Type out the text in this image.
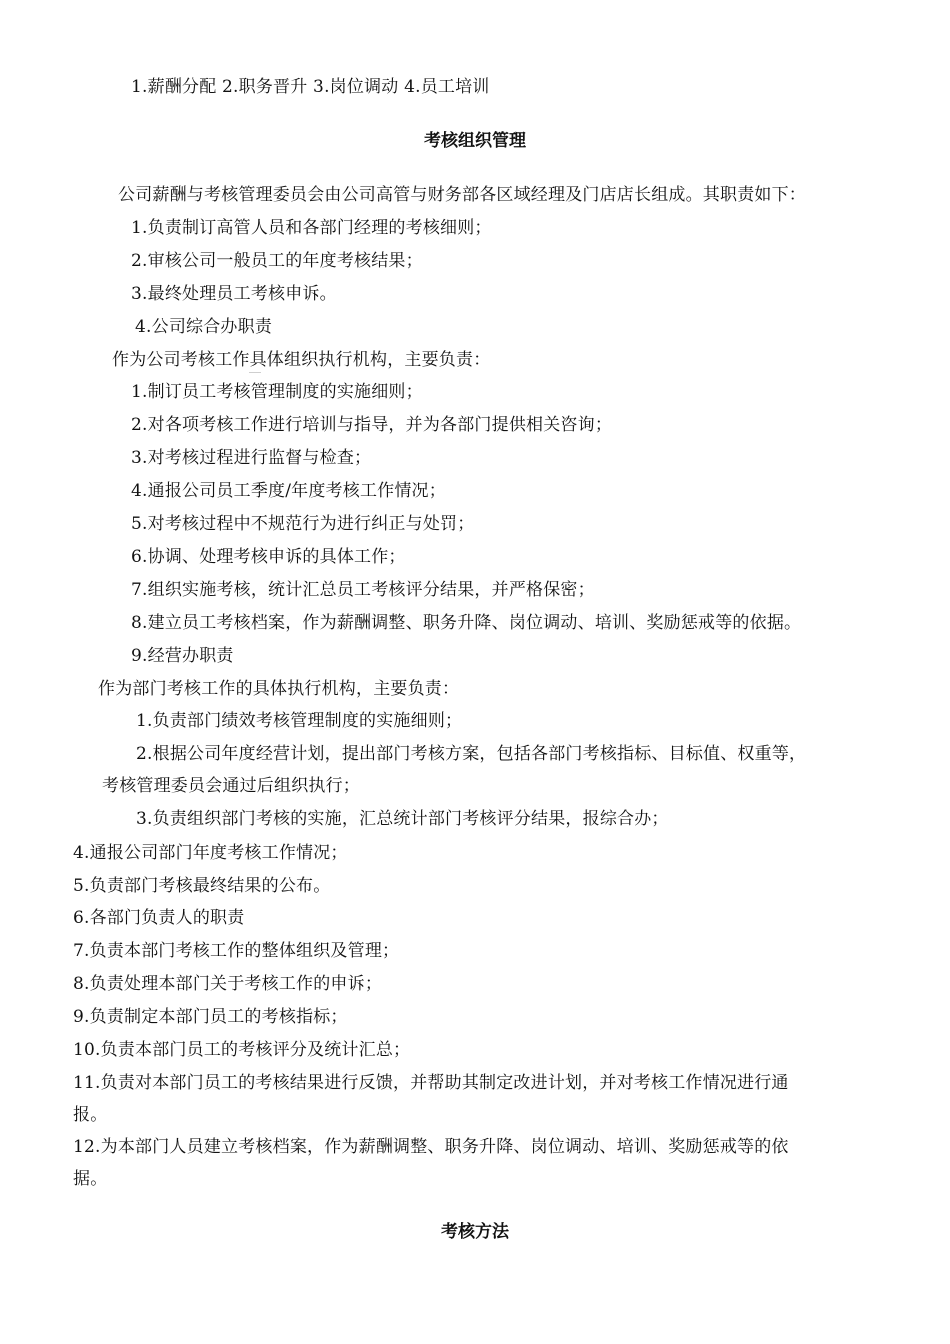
1.薪酬分配 2.职务晋升 3.岗位调动 4.员工培训
考核组织管理
公司薪酬与考核管理委员会由公司高管与财务部各区域经理及门店店长组成。其职责如下：
1.负责制订高管人员和各部门经理的考核细则；
2.审核公司一般员工的年度考核结果；
3.最终处理员工考核申诉。
4.公司综合办职责
作为公司考核工作具体组织执行机构，主要负责：
1.制订员工考核管理制度的实施细则；
2.对各项考核工作进行培训与指导，并为各部门提供相关咨询；
3.对考核过程进行监督与检查；
4.通报公司员工季度/年度考核工作情况；
5.对考核过程中不规范行为进行纠正与处罚；
6.协调、处理考核申诉的具体工作；
7.组织实施考核，统计汇总员工考核评分结果，并严格保密；
8.建立员工考核档案，作为薪酬调整、职务升降、岗位调动、培训、奖励惩戒等的依据。
9.经营办职责
作为部门考核工作的具体执行机构，主要负责：
1.负责部门绩效考核管理制度的实施细则；
2.根据公司年度经营计划，提出部门考核方案，包括各部门考核指标、目标值、权重等，
考核管理委员会通过后组织执行；
3.负责组织部门考核的实施，汇总统计部门考核评分结果，报综合办；
4.通报公司部门年度考核工作情况；
5.负责部门考核最终结果的公布。
6.各部门负责人的职责
7.负责本部门考核工作的整体组织及管理；
8.负责处理本部门关于考核工作的申诉；
9.负责制定本部门员工的考核指标；
10.负责本部门员工的考核评分及统计汇总；
11.负责对本部门员工的考核结果进行反馈，并帮助其制定改进计划，并对考核工作情况进行通
报。
12.为本部门人员建立考核档案，作为薪酬调整、职务升降、岗位调动、培训、奖励惩戒等的依
据。
考核方法
